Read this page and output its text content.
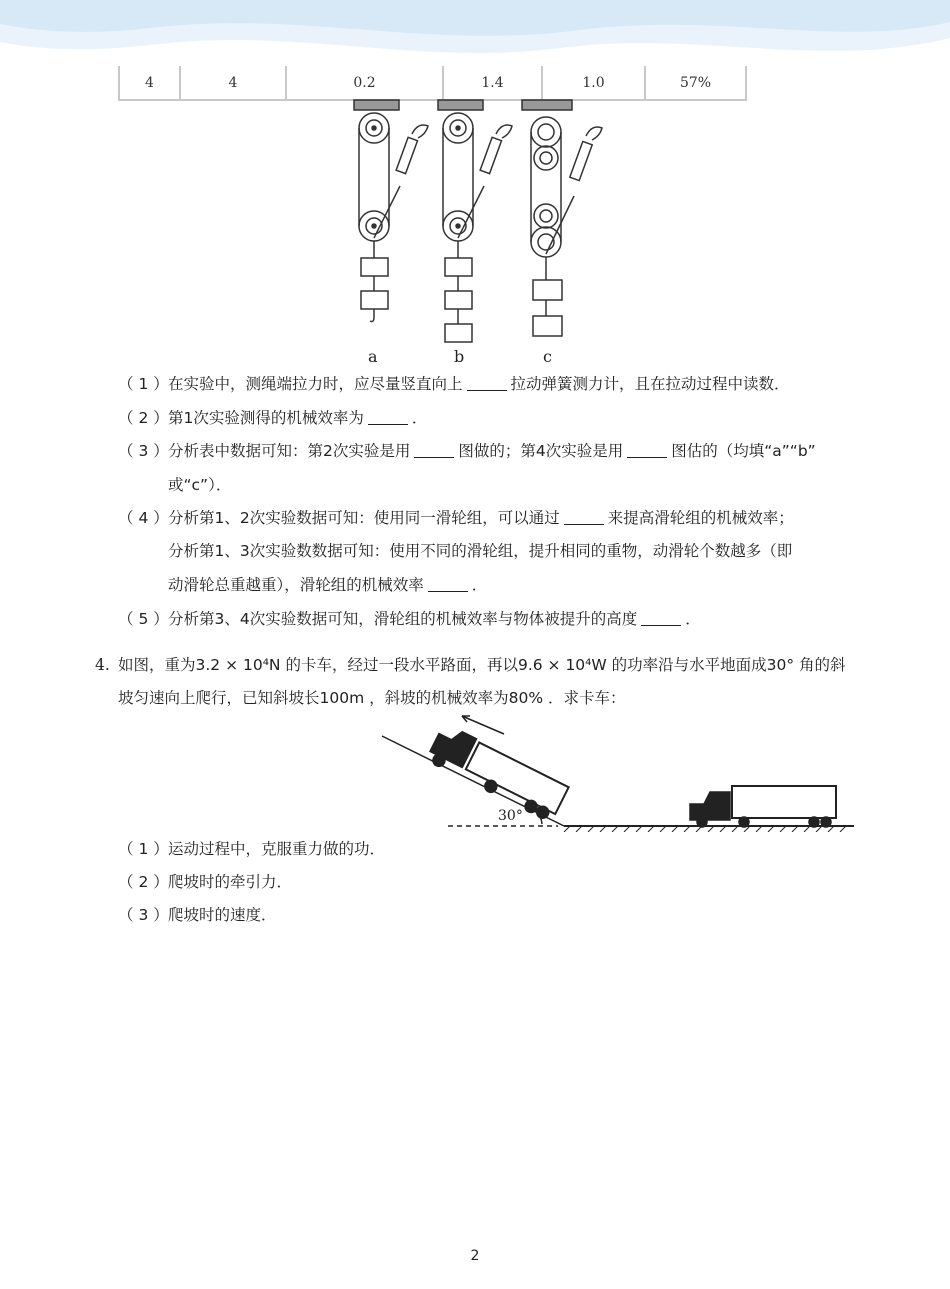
4	4	0.2	1.4	1.0	57%
a	b	c
（ 1 ） 在实验中，测绳端拉力时，应尽量竖直向上	拉动弹簧测力计，且在拉动过程中读数．
（ 2 ） 第1次实验测得的机械效率为	．
（ 3 ） 分析表中数据可知：第2次实验是用	图做的；第4次实验是用	图估的（均填“a”“b”
或“c”）．
（ 4 ） 分析第1、2次实验数据可知：使用同一滑轮组，可以通过	来提高滑轮组的机械效率；
分析第1、3次实验数数据可知：使用不同的滑轮组，提升相同的重物，动滑轮个数越多（即
动滑轮总重越重），滑轮组的机械效率	．
（ 5 ） 分析第3、4次实验数据可知，滑轮组的机械效率与物体被提升的高度	．
4. 如图，重为3.2 × 10⁴N 的卡车，经过一段水平路面，再以9.6 × 10⁴W 的功率沿与水平地面成30° 角的斜
坡匀速向上爬行，已知斜坡长100m ，斜坡的机械效率为80% ．求卡车：
30°
（ 1 ） 运动过程中，克服重力做的功．
（ 2 ） 爬坡时的牵引力．
（ 3 ） 爬坡时的速度．
2
